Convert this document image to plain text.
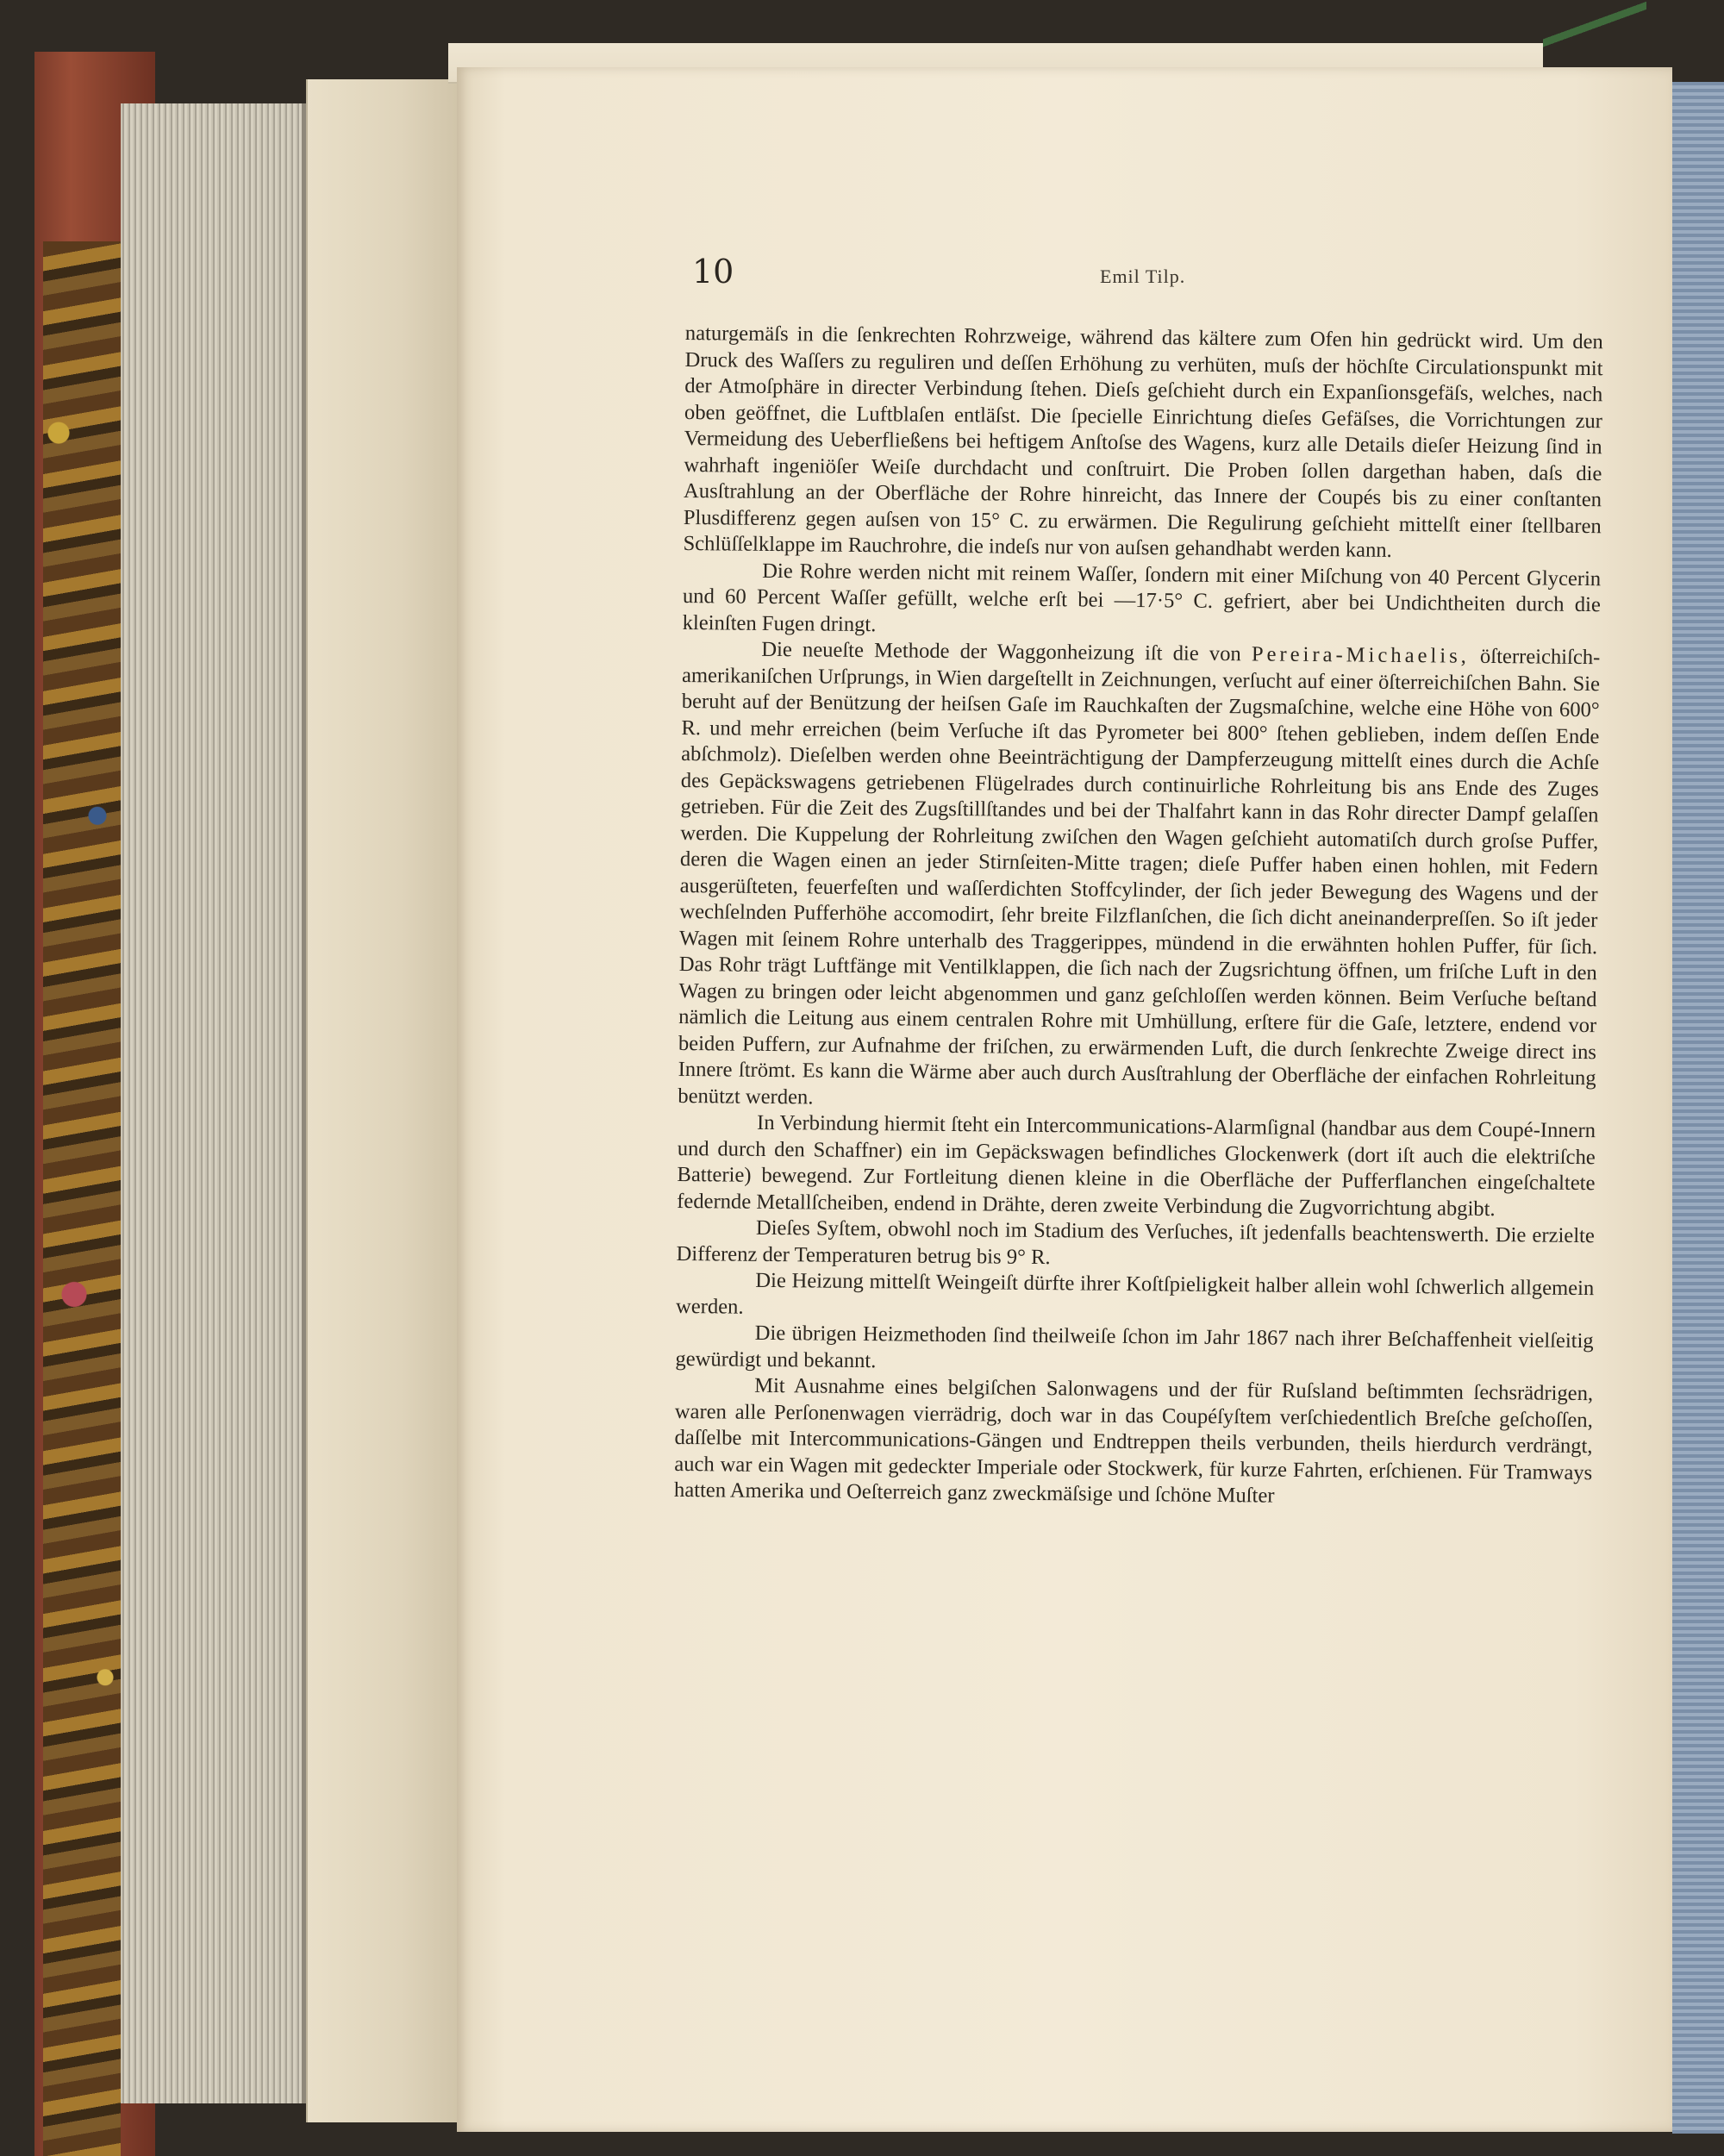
10	Emil Tilp.

naturgemäſs in die ſenkrechten Rohrzweige, während das kältere zum Ofen hin gedrückt wird. Um den Druck des Waſſers zu reguliren und deſſen Erhöhung zu verhüten, muſs der höchſte Circulationspunkt mit der Atmoſphäre in directer Verbindung ſtehen. Dieſs geſchieht durch ein Expanſionsgefäſs, welches, nach oben geöffnet, die Luftblaſen entläſst. Die ſpecielle Einrichtung dieſes Gefäſses, die Vorrichtungen zur Vermeidung des Ueberfließens bei heftigem Anſtoſse des Wagens, kurz alle Details dieſer Heizung ſind in wahrhaft ingeniöſer Weiſe durchdacht und conſtruirt. Die Proben ſollen dargethan haben, daſs die Ausſtrahlung an der Oberfläche der Rohre hinreicht, das Innere der Coupés bis zu einer conſtanten Plusdifferenz gegen auſsen von 15° C. zu erwärmen. Die Regulirung geſchieht mittelſt einer ſtellbaren Schlüſſelklappe im Rauchrohre, die indeſs nur von auſsen gehandhabt werden kann.

Die Rohre werden nicht mit reinem Waſſer, ſondern mit einer Miſchung von 40 Percent Glycerin und 60 Percent Waſſer gefüllt, welche erſt bei —17·5° C. gefriert, aber bei Undichtheiten durch die kleinſten Fugen dringt.

Die neueſte Methode der Waggonheizung iſt die von Pereira-Michaelis, öſterreichiſch-amerikaniſchen Urſprungs, in Wien dargeſtellt in Zeichnungen, verſucht auf einer öſterreichiſchen Bahn. Sie beruht auf der Benützung der heiſsen Gaſe im Rauchkaſten der Zugsmaſchine, welche eine Höhe von 600° R. und mehr erreichen (beim Verſuche iſt das Pyrometer bei 800° ſtehen geblieben, indem deſſen Ende abſchmolz). Dieſelben werden ohne Beeinträchtigung der Dampferzeugung mittelſt eines durch die Achſe des Gepäckswagens getriebenen Flügelrades durch continuirliche Rohrleitung bis ans Ende des Zuges getrieben. Für die Zeit des Zugsſtillſtandes und bei der Thalfahrt kann in das Rohr directer Dampf gelaſſen werden. Die Kuppelung der Rohrleitung zwiſchen den Wagen geſchieht automatiſch durch groſse Puffer, deren die Wagen einen an jeder Stirnſeiten-Mitte tragen; dieſe Puffer haben einen hohlen, mit Federn ausgerüſteten, feuerfeſten und waſſerdichten Stoffcylinder, der ſich jeder Bewegung des Wagens und der wechſelnden Pufferhöhe accomodirt, ſehr breite Filzflanſchen, die ſich dicht aneinanderpreſſen. So iſt jeder Wagen mit ſeinem Rohre unterhalb des Traggerippes, mündend in die erwähnten hohlen Puffer, für ſich. Das Rohr trägt Luftfänge mit Ventilklappen, die ſich nach der Zugsrichtung öffnen, um friſche Luft in den Wagen zu bringen oder leicht abgenommen und ganz geſchloſſen werden können. Beim Verſuche beſtand nämlich die Leitung aus einem centralen Rohre mit Umhüllung, erſtere für die Gaſe, letztere, endend vor beiden Puffern, zur Aufnahme der friſchen, zu erwärmenden Luft, die durch ſenkrechte Zweige direct ins Innere ſtrömt. Es kann die Wärme aber auch durch Ausſtrahlung der Oberfläche der einfachen Rohrleitung benützt werden.

In Verbindung hiermit ſteht ein Intercommunications-Alarmſignal (handbar aus dem Coupé-Innern und durch den Schaffner) ein im Gepäckswagen befindliches Glockenwerk (dort iſt auch die elektriſche Batterie) bewegend. Zur Fortleitung dienen kleine in die Oberfläche der Pufferflanchen eingeſchaltete federnde Metallſcheiben, endend in Drähte, deren zweite Verbindung die Zugvorrichtung abgibt.

Dieſes Syſtem, obwohl noch im Stadium des Verſuches, iſt jedenfalls beachtenswerth. Die erzielte Differenz der Temperaturen betrug bis 9° R.

Die Heizung mittelſt Weingeiſt dürfte ihrer Koſtſpieligkeit halber allein wohl ſchwerlich allgemein werden.

Die übrigen Heizmethoden ſind theilweiſe ſchon im Jahr 1867 nach ihrer Beſchaffenheit vielſeitig gewürdigt und bekannt.

Mit Ausnahme eines belgiſchen Salonwagens und der für Ruſsland beſtimmten ſechsrädrigen, waren alle Perſonenwagen vierrädrig, doch war in das Coupéſyſtem verſchiedentlich Breſche geſchoſſen, daſſelbe mit Intercommunications-Gängen und Endtreppen theils verbunden, theils hierdurch verdrängt, auch war ein Wagen mit gedeckter Imperiale oder Stockwerk, für kurze Fahrten, erſchienen. Für Tramways hatten Amerika und Oeſterreich ganz zweckmäſsige und ſchöne Muſter
